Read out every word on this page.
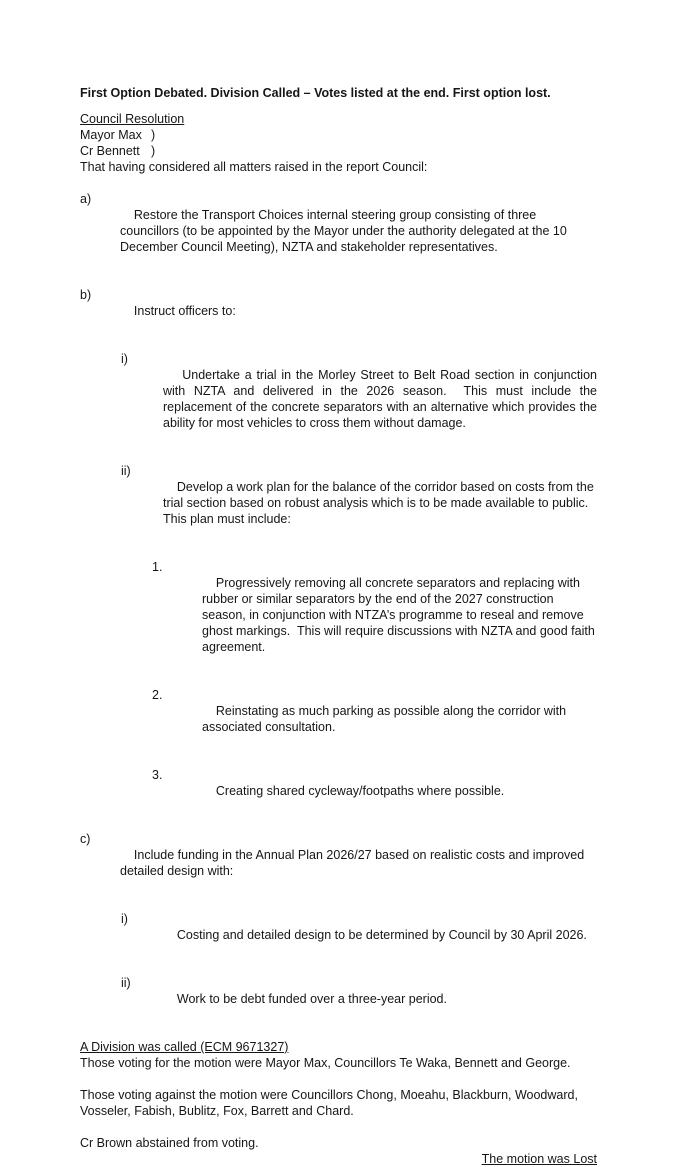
First Option Debated. Division Called – Votes listed at the end. First option lost.

Council Resolution

Mayor Max )

Cr Bennett )

That having considered all matters raised in the report Council:

a)
Restore the Transport Choices internal steering group consisting of three councillors (to be appointed by the Mayor under the authority delegated at the 10 December Council Meeting), NZTA and stakeholder representatives.

b)
Instruct officers to:

i)
Undertake a trial in the Morley Street to Belt Road section in conjunction with NZTA and delivered in the 2026 season.  This must include the replacement of the concrete separators with an alternative which provides the ability for most vehicles to cross them without damage.

ii)
Develop a work plan for the balance of the corridor based on costs from the trial section based on robust analysis which is to be made available to public.  This plan must include:

1.
Progressively removing all concrete separators and replacing with rubber or similar separators by the end of the 2027 construction season, in conjunction with NTZA’s programme to reseal and remove ghost markings.  This will require discussions with NZTA and good faith agreement.

2.
Reinstating as much parking as possible along the corridor with associated consultation.

3.
Creating shared cycleway/footpaths where possible.

c)
Include funding in the Annual Plan 2026/27 based on realistic costs and improved detailed design with:

i)
Costing and detailed design to be determined by Council by 30 April 2026.

ii)
Work to be debt funded over a three-year period.

A Division was called (ECM 9671327)

Those voting for the motion were Mayor Max, Councillors Te Waka, Bennett and George.

Those voting against the motion were Councillors Chong, Moeahu, Blackburn, Woodward, Vosseler, Fabish, Bublitz, Fox, Barrett and Chard.

Cr Brown abstained from voting.

The motion was Lost
